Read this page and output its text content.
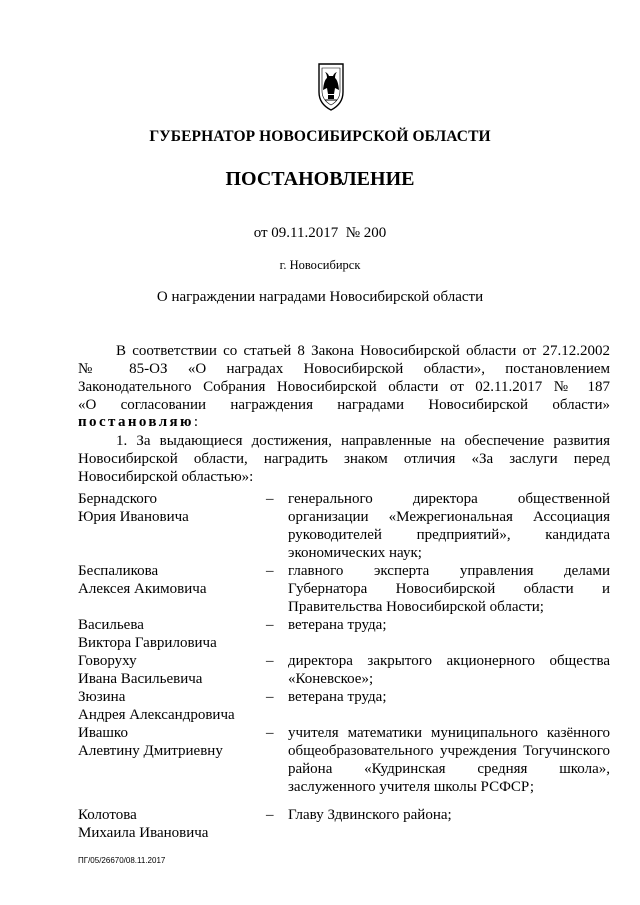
ГУБЕРНАТОР НОВОСИБИРСКОЙ ОБЛАСТИ
ПОСТАНОВЛЕНИЕ
от 09.11.2017  № 200
г. Новосибирск
О награждении наградами Новосибирской области
В соответствии со статьей 8 Закона Новосибирской области от 27.12.2002
№ 85-ОЗ «О наградах Новосибирской области», постановлением
Законодательного Собрания Новосибирской области от 02.11.2017 № 187
«О согласовании награждения наградами Новосибирской области»
постановляю:
1. За выдающиеся достижения, направленные на обеспечение развития
Новосибирской области, наградить знаком отличия «За заслуги перед
Новосибирской областью»:
Бернадского
Юрия Ивановича
– генерального директора общественной
организации «Межрегиональная Ассоциация
руководителей предприятий», кандидата
экономических наук;
Беспаликова
Алексея Акимовича
– главного эксперта управления делами
Губернатора Новосибирской области и
Правительства Новосибирской области;
Васильева
Виктора Гавриловича
– ветерана труда;
Говоруху
Ивана Васильевича
– директора закрытого акционерного общества
«Коневское»;
Зюзина
Андрея Александровича
– ветерана труда;
Ивашко
Алевтину Дмитриевну
– учителя математики муниципального казённого
общеобразовательного учреждения Тогучинского
района «Кудринская средняя школа»,
заслуженного учителя школы РСФСР;
Колотова
Михаила Ивановича
– Главу Здвинского района;
ПГ/05/26670/08.11.2017
